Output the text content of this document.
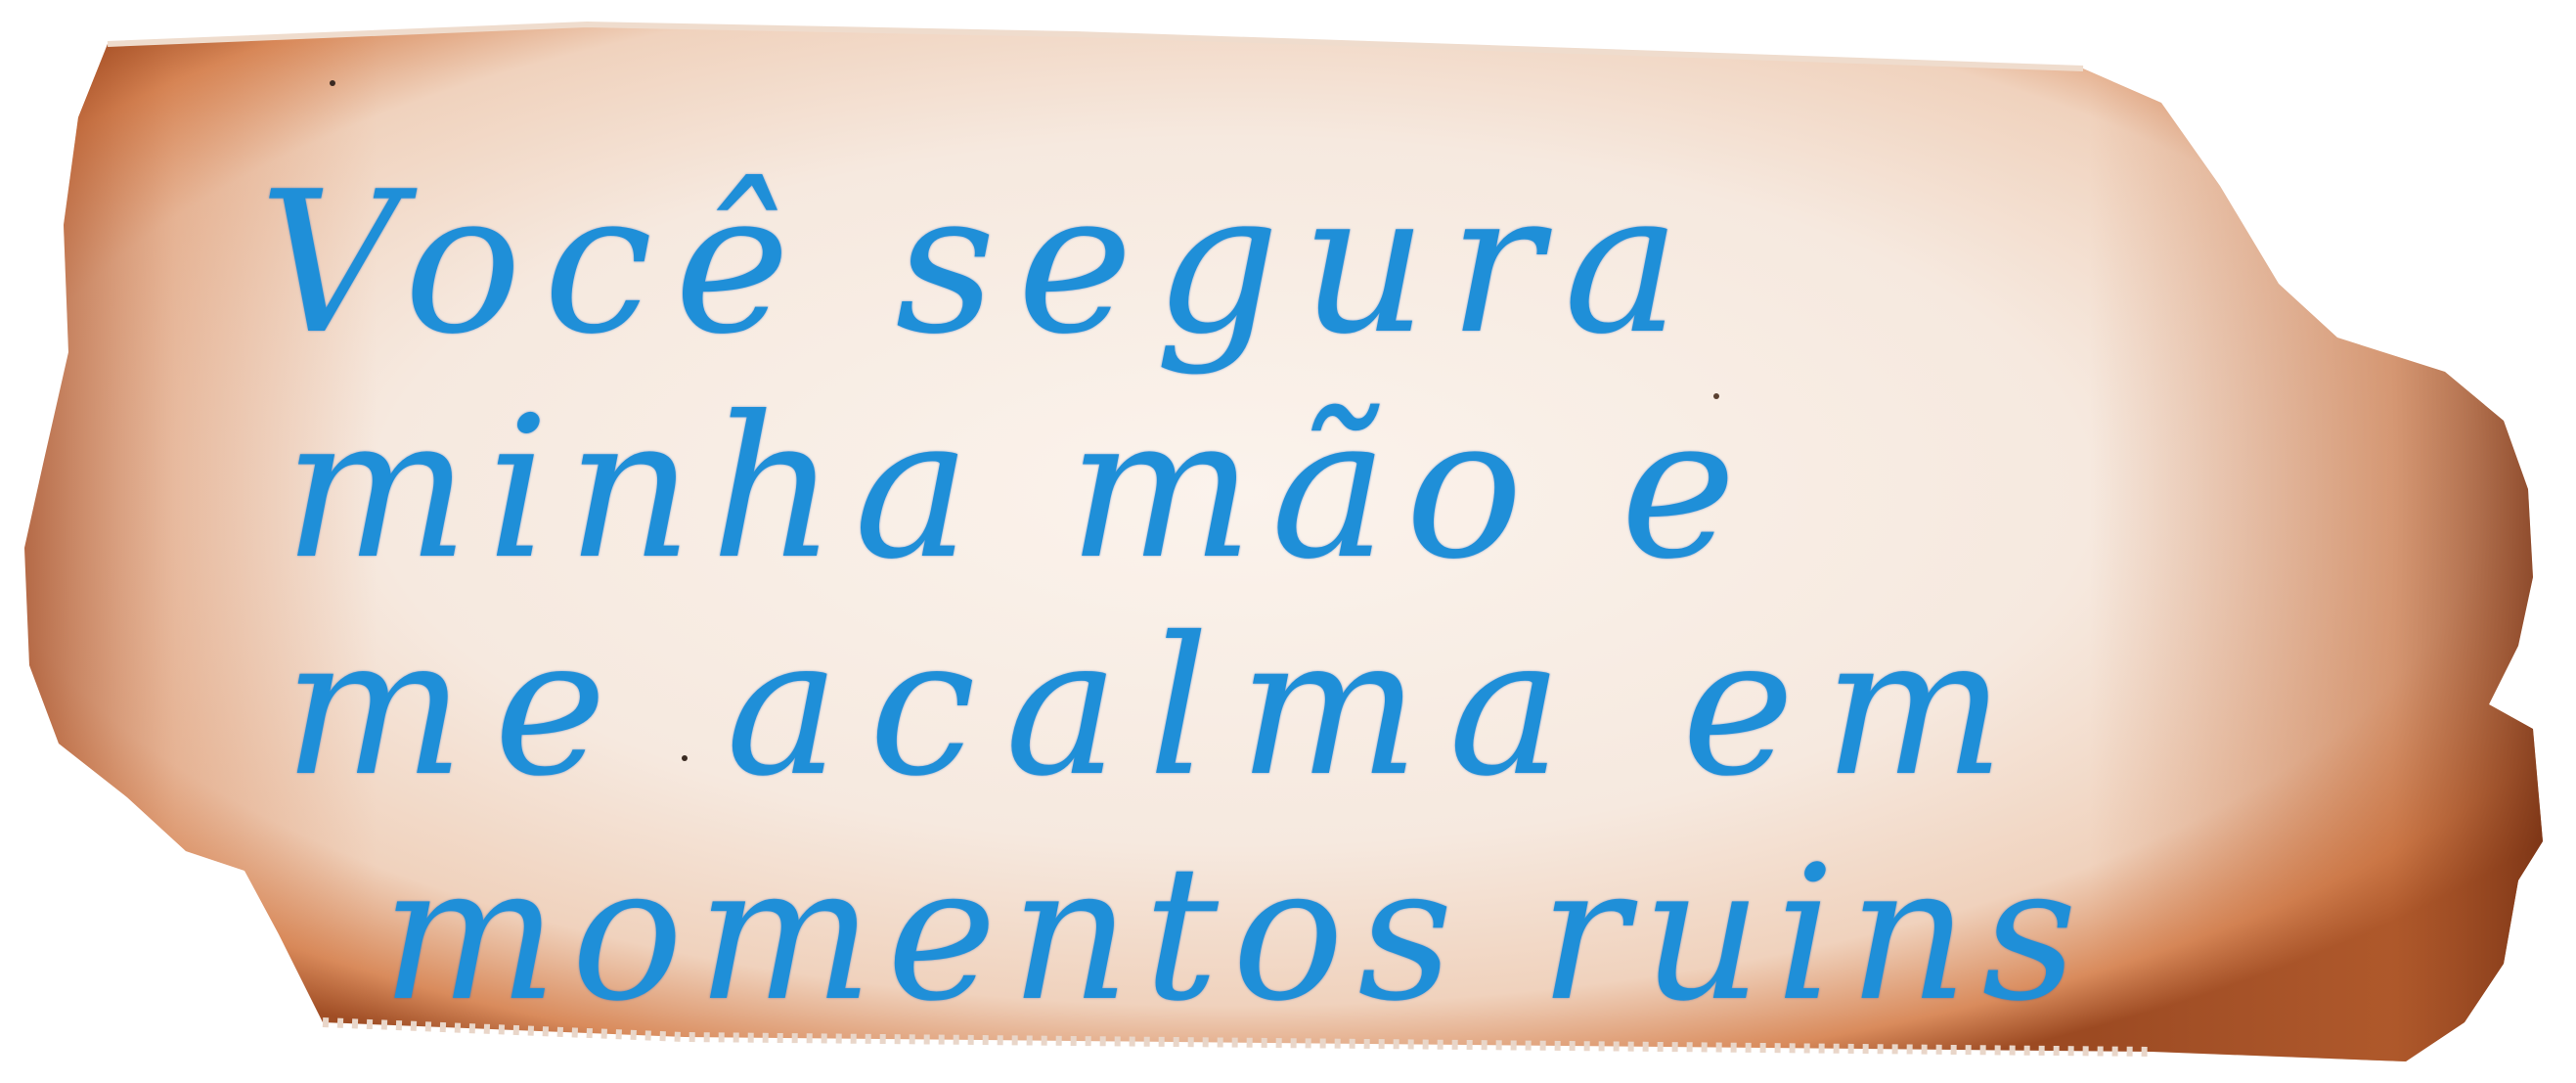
Você segura
minha mão e
me acalma em
momentos ruins
